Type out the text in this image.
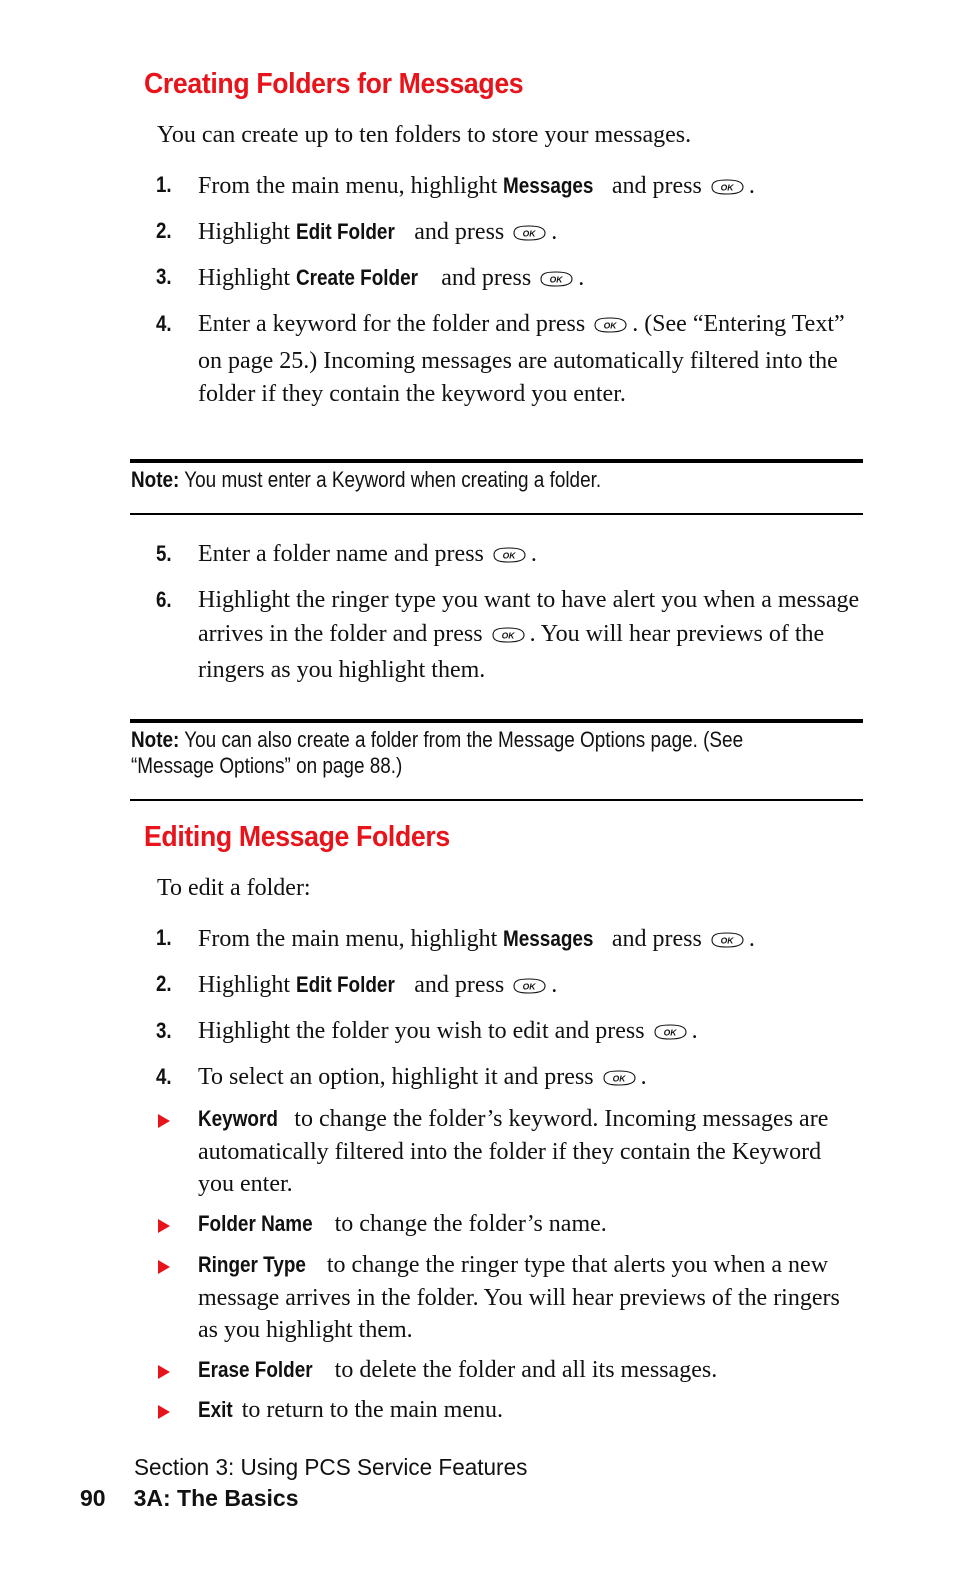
Creating Folders for Messages
You can create up to ten folders to store your messages.
1. From the main menu, highlight Messages and press OK .
2. Highlight Edit Folder and press OK .
3. Highlight Create Folder and press OK .
4. Enter a keyword for the folder and press OK . (See “Entering Text” on page 25.) Incoming messages are automatically filtered into the folder if they contain the keyword you enter.
Note: You must enter a Keyword when creating a folder.
5. Enter a folder name and press OK .
6. Highlight the ringer type you want to have alert you when a message arrives in the folder and press OK . You will hear previews of the ringers as you highlight them.
Note: You can also create a folder from the Message Options page. (See “Message Options” on page 88.)
Editing Message Folders
To edit a folder:
1. From the main menu, highlight Messages and press OK .
2. Highlight Edit Folder and press OK .
3. Highlight the folder you wish to edit and press OK .
4. To select an option, highlight it and press OK .
Keyword to change the folder’s keyword. Incoming messages are automatically filtered into the folder if they contain the Keyword you enter.
Folder Name to change the folder’s name.
Ringer Type to change the ringer type that alerts you when a new message arrives in the folder. You will hear previews of the ringers as you highlight them.
Erase Folder to delete the folder and all its messages.
Exit to return to the main menu.
Section 3: Using PCS Service Features
90 3A: The Basics
